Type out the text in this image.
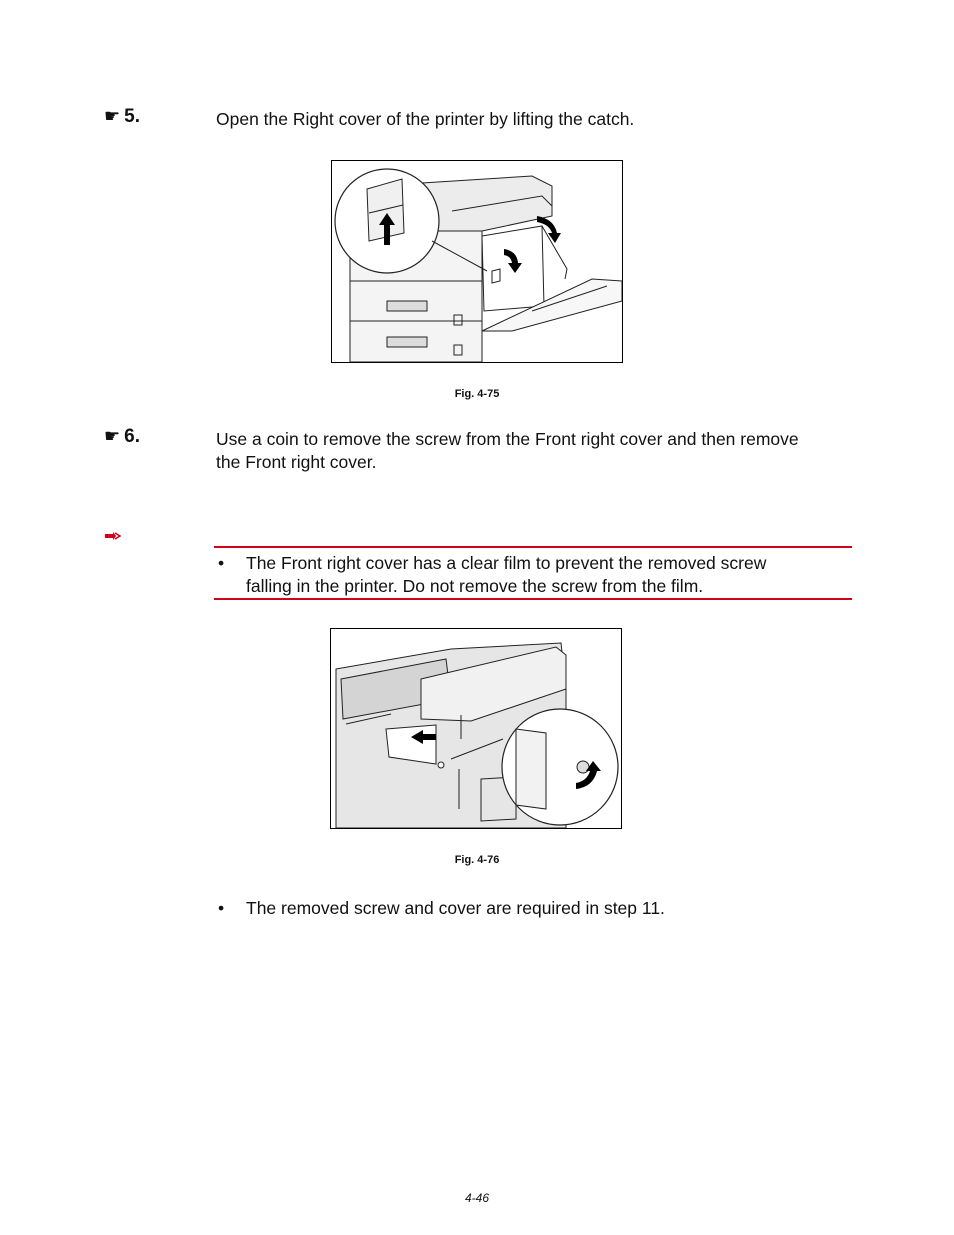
☛ 5.	Open the Right cover of the printer by lifting the catch.
Fig. 4-75
☛ 6.	Use a coin to remove the screw from the Front right cover and then remove
the Front right cover.
•	The Front right cover has a clear film to prevent the removed screw
falling in the printer. Do not remove the screw from the film.
Fig. 4-76
•	The removed screw and cover are required in step 11.
4-46
